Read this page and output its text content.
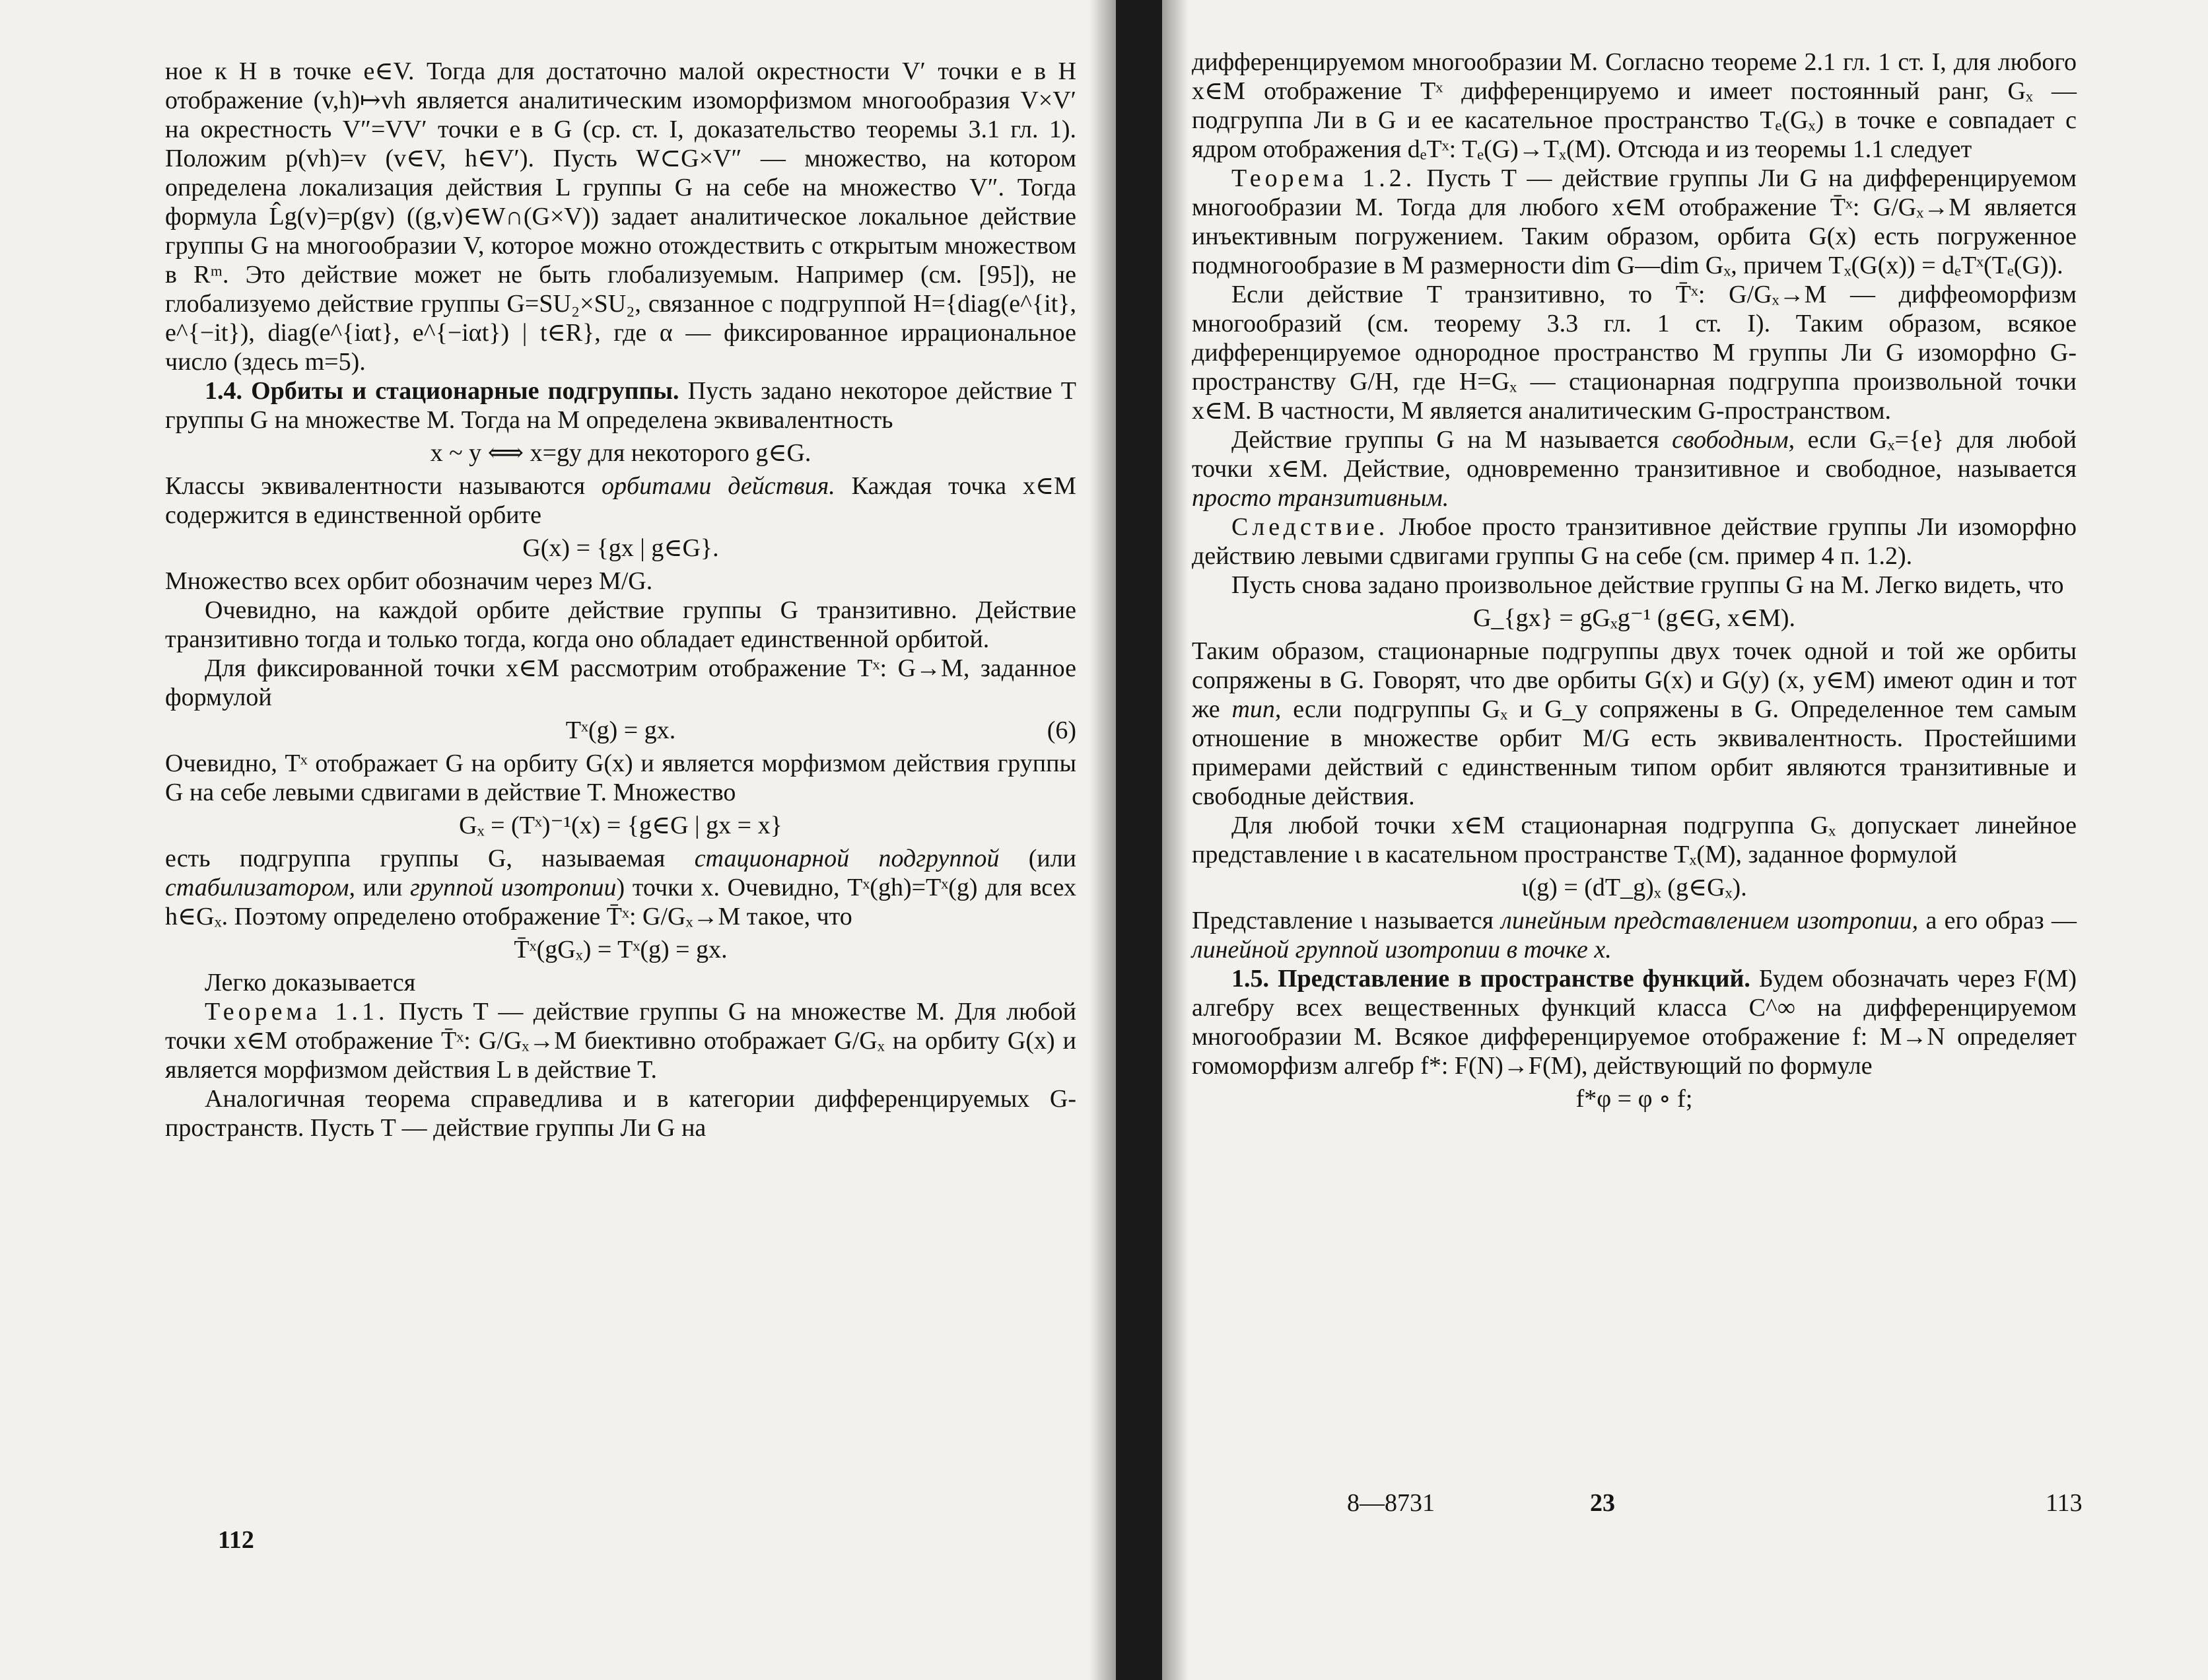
ное к H в точке e∈V. Тогда для достаточно малой окрестности V′ точки e в H отображение (v,h)↦vh является аналитическим изоморфизмом многообразия V×V′ на окрестность V″=VV′ точки e в G (ср. ст. I, доказательство теоремы 3.1 гл. 1). Положим p(vh)=v (v∈V, h∈V′). Пусть W⊂G×V″ — множество, на котором определена локализация действия L группы G на себе на множество V″. Тогда формула L̂g(v)=p(gv) ((g,v)∈W∩(G×V)) задает аналитическое локальное действие группы G на многообразии V, которое можно отождествить с открытым множеством в Rᵐ. Это действие может не быть глобализуемым. Например (см. [95]), не глобализуемо действие группы G=SU₂×SU₂, связанное с подгруппой H={diag(e^{it}, e^{−it}), diag(e^{iαt}, e^{−iαt}) | t∈R}, где α — фиксированное иррациональное число (здесь m=5).

1.4. Орбиты и стационарные подгруппы. Пусть задано некоторое действие T группы G на множестве M. Тогда на M определена эквивалентность

x ~ y ⟺ x=gy для некоторого g∈G.

Классы эквивалентности называются орбитами действия. Каждая точка x∈M содержится в единственной орбите

G(x) = {gx | g∈G}.

Множество всех орбит обозначим через M/G.

Очевидно, на каждой орбите действие группы G транзитивно. Действие транзитивно тогда и только тогда, когда оно обладает единственной орбитой.

Для фиксированной точки x∈M рассмотрим отображение Tˣ: G→M, заданное формулой

Tˣ(g) = gx.	(6)

Очевидно, Tˣ отображает G на орбиту G(x) и является морфизмом действия группы G на себе левыми сдвигами в действие T. Множество

Gₓ = (Tˣ)⁻¹(x) = {g∈G | gx = x}

есть подгруппа группы G, называемая стационарной подгруппой (или стабилизатором, или группой изотропии) точки x. Очевидно, Tˣ(gh)=Tˣ(g) для всех h∈Gₓ. Поэтому определено отображение T̄ˣ: G/Gₓ→M такое, что

T̄ˣ(gGₓ) = Tˣ(g) = gx.

Легко доказывается

Теорема 1.1. Пусть T — действие группы G на множестве M. Для любой точки x∈M отображение T̄ˣ: G/Gₓ→M биективно отображает G/Gₓ на орбиту G(x) и является морфизмом действия L в действие T.

Аналогичная теорема справедлива и в категории дифференцируемых G-пространств. Пусть T — действие группы Ли G на

112

дифференцируемом многообразии M. Согласно теореме 2.1 гл. 1 ст. I, для любого x∈M отображение Tˣ дифференцируемо и имеет постоянный ранг, Gₓ — подгруппа Ли в G и ее касательное пространство Tₑ(Gₓ) в точке e совпадает с ядром отображения dₑTˣ: Tₑ(G)→Tₓ(M). Отсюда и из теоремы 1.1 следует

Теорема 1.2. Пусть T — действие группы Ли G на дифференцируемом многообразии M. Тогда для любого x∈M отображение T̄ˣ: G/Gₓ→M является инъективным погружением. Таким образом, орбита G(x) есть погруженное подмногообразие в M размерности dim G—dim Gₓ, причем Tₓ(G(x)) = dₑTˣ(Tₑ(G)).

Если действие T транзитивно, то T̄ˣ: G/Gₓ→M — диффеоморфизм многообразий (см. теорему 3.3 гл. 1 ст. I). Таким образом, всякое дифференцируемое однородное пространство M группы Ли G изоморфно G-пространству G/H, где H=Gₓ — стационарная подгруппа произвольной точки x∈M. В частности, M является аналитическим G-пространством.

Действие группы G на M называется свободным, если Gₓ={e} для любой точки x∈M. Действие, одновременно транзитивное и свободное, называется просто транзитивным.

Следствие. Любое просто транзитивное действие группы Ли изоморфно действию левыми сдвигами группы G на себе (см. пример 4 п. 1.2).

Пусть снова задано произвольное действие группы G на M. Легко видеть, что

G_{gx} = gGₓg⁻¹ (g∈G, x∈M).

Таким образом, стационарные подгруппы двух точек одной и той же орбиты сопряжены в G. Говорят, что две орбиты G(x) и G(y) (x, y∈M) имеют один и тот же тип, если подгруппы Gₓ и G_y сопряжены в G. Определенное тем самым отношение в множестве орбит M/G есть эквивалентность. Простейшими примерами действий с единственным типом орбит являются транзитивные и свободные действия.

Для любой точки x∈M стационарная подгруппа Gₓ допускает линейное представление ι в касательном пространстве Tₓ(M), заданное формулой

ι(g) = (dT_g)ₓ (g∈Gₓ).

Представление ι называется линейным представлением изотропии, а его образ — линейной группой изотропии в точке x.

1.5. Представление в пространстве функций. Будем обозначать через F(M) алгебру всех вещественных функций класса C^∞ на дифференцируемом многообразии M. Всякое дифференцируемое отображение f: M→N определяет гомоморфизм алгебр f*: F(N)→F(M), действующий по формуле

f*φ = φ ∘ f;

8—8731	23	113
